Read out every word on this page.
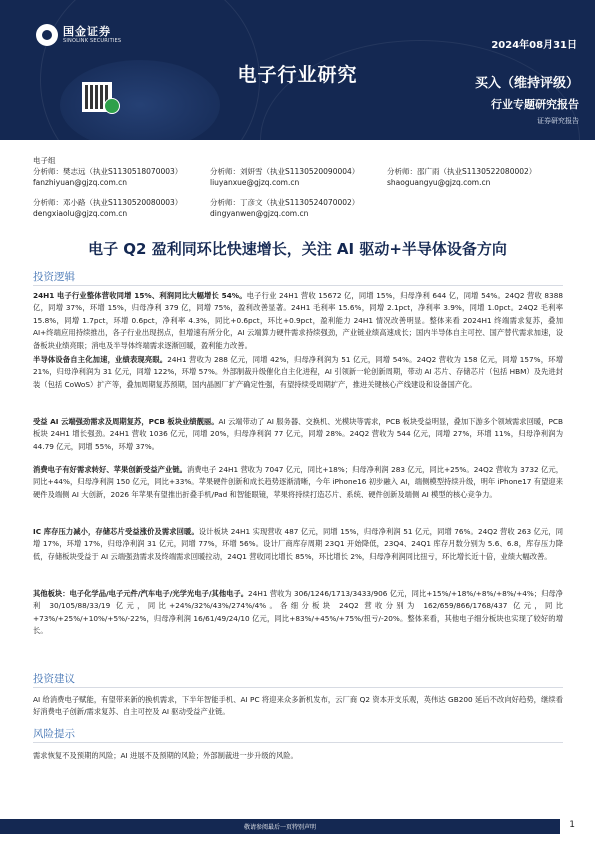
国金证券
SINOLINK SECURITIES	2024年08月31日
电子行业研究	买入（维持评级）
行业专题研究报告
证券研究报告
电子组
分析师：樊志远（执业S1130518070003）
fanzhiyuan@gjzq.com.cn
分析师：刘妍雪（执业S1130520090004）
liuyanxue@gjzq.com.cn
分析师：邵广雨（执业S1130522080002）
shaoguangyu@gjzq.com.cn
分析师：邓小路（执业S1130520080003）
dengxiaolu@gjzq.com.cn
分析师：丁彦文（执业S1130524070002）
dingyanwen@gjzq.com.cn
电子 Q2 盈利同环比快速增长，关注 AI 驱动+半导体设备方向
投资逻辑
24H1 电子行业整体营收同增 15%、利润同比大幅增长 54%。电子行业 24H1 营收 15672 亿，同增 15%，归母净利 644 亿，同增 54%。24Q2 营收 8388 亿，同增 37%，环增 15%，归母净利 379 亿，同增 75%，盈利改善显著。24H1 毛利率 15.6%，同增 2.1pct，净利率 3.9%，同增 1.0pct。24Q2 毛利率 15.8%，同增 1.7pct，环增 0.6pct，净利率 4.3%，同比+0.6pct，环比+0.9pct，盈利能力 24H1 情况改善明显。整体来看 2024H1 终端需求复苏，叠加 AI+终端应用持续推出，各子行业出现拐点，但增速有所分化，AI 云端算力硬件需求持续强劲，产业链业绩高速成长；国内半导体自主可控、国产替代需求加速，设备板块业绩亮眼；消电及半导体终端需求逐渐回暖，盈利能力改善。
半导体设备自主化加速，业绩表现亮眼。24H1 营收为 288 亿元，同增 42%，归母净利润为 51 亿元，同增 54%。24Q2 营收为 158 亿元，同增 157%，环增 21%，归母净利润为 31 亿元，同增 122%，环增 57%。外部制裁升级催化自主化进程，AI 引领新一轮创新周期，带动 AI 芯片、存储芯片（包括 HBM）及先进封装（包括 CoWoS）扩产等，叠加周期复苏预期，国内晶圆厂扩产确定性强，有望持续受周期扩产，推进关键核心产线建设和设备国产化。
受益 AI 云端强劲需求及周期复苏，PCB 板块业绩靓丽。AI 云端带动了 AI 服务器、交换机、光模块等需求，PCB 板块受益明显，叠加下游多个领域需求回暖，PCB 板块 24H1 增长强劲。24H1 营收 1036 亿元，同增 20%，归母净利润 77 亿元，同增 28%。24Q2 营收为 544 亿元，同增 27%，环增 11%，归母净利润为 44.79 亿元，同增 55%，环增 37%。
消费电子有好需求转好、苹果创新受益产业链。消费电子 24H1 营收为 7047 亿元，同比+18%；归母净利润 283 亿元，同比+25%。24Q2 营收为 3732 亿元，同比+44%，归母净利润 150 亿元，同比+33%。苹果硬件创新和成长趋势逐渐清晰，今年 iPhone16 初步融入 AI，端侧模型持续升级，明年 iPhone17 有望迎来硬件及端侧 AI 大创新，2026 年苹果有望推出折叠手机/Pad 和智能眼镜，苹果将持续打造芯片、系统、硬件创新及端侧 AI 模型的核心竞争力。
IC 库存压力减小，存储芯片受益涨价及需求回暖。设计板块 24H1 实现营收 487 亿元，同增 15%，归母净利润 51 亿元，同增 76%。24Q2 营收 263 亿元，同增 17%，环增 17%，归母净利润 31 亿元，同增 77%，环增 56%。设计厂商库存周期 23Q1 开始降低，23Q4、24Q1 库存月数分别为 5.6、6.8，库存压力降低，存储板块受益于 AI 云端强劲需求及终端需求回暖拉动，24Q1 营收同比增长 85%，环比增长 2%，归母净利润同比扭亏，环比增长近十倍，业绩大幅改善。
其他板块：电子化学品/电子元件/汽车电子/光学光电子/其他电子。24H1 营收为 306/1246/1713/3433/906 亿元，同比+15%/+18%/+8%/+8%/+4%；归母净利 30/105/88/33/19 亿元，同比+24%/32%/43%/274%/4%。各细分板块 24Q2 营收分别为 162/659/866/1768/437 亿元，同比+73%/+25%/+10%/+5%/-22%，归母净利润 16/61/49/24/10 亿元，同比+83%/+45%/+75%/扭亏/-20%。整体来看，其他电子细分板块也实现了较好的增长。
投资建议
AI 给消费电子赋能，有望带来新的换机需求，下半年智能手机、AI PC 将迎来众多新机发布，云厂商 Q2 资本开支乐观，英伟达 GB200 延后不改向好趋势，继续看好消费电子创新/需求复苏、自主可控及 AI 驱动受益产业链。
风险提示
需求恢复不及预期的风险；AI 进展不及预期的风险；外部制裁进一步升级的风险。
敬请参阅最后一页特别声明	1
